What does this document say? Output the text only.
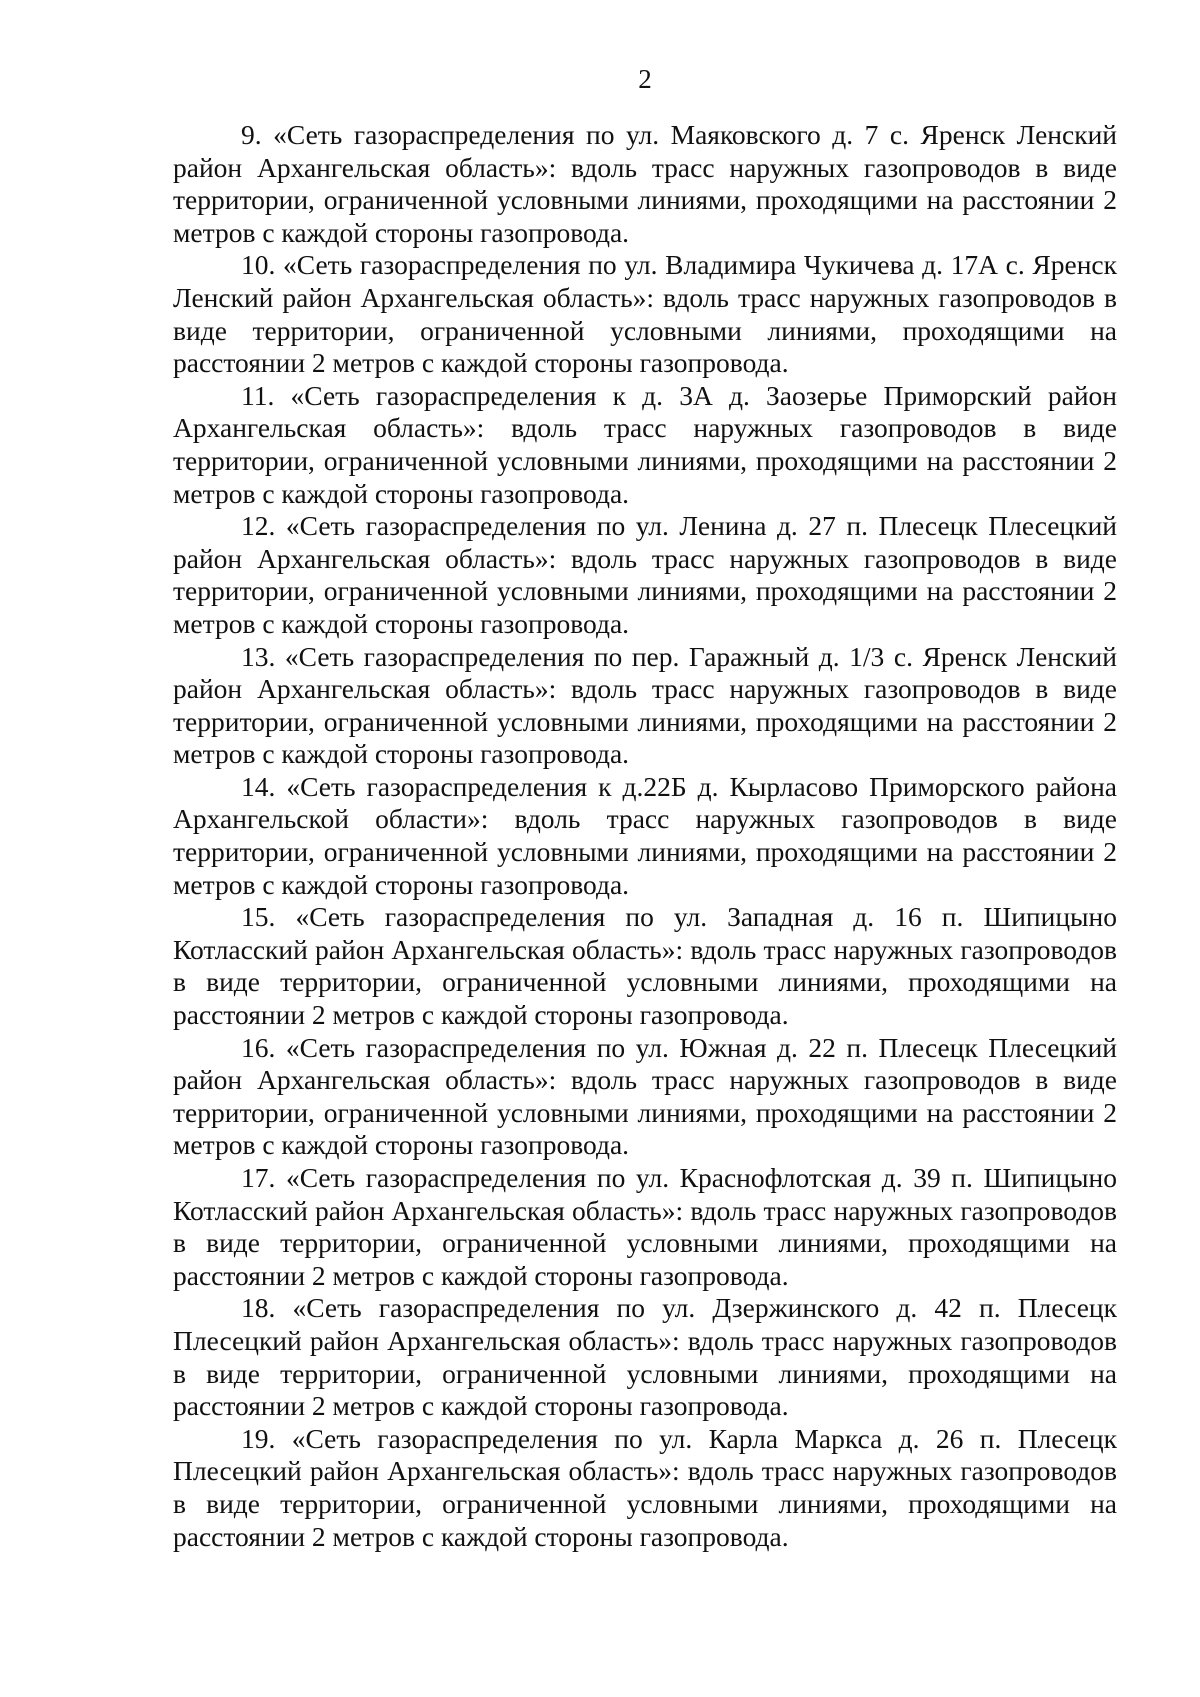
2

9. «Сеть газораспределения по ул. Маяковского д. 7 с. Яренск Ленский район Архангельская область»: вдоль трасс наружных газопроводов в виде территории, ограниченной условными линиями, проходящими на расстоянии 2 метров с каждой стороны газопровода.

10. «Сеть газораспределения по ул. Владимира Чукичева д. 17А с. Яренск Ленский район Архангельская область»: вдоль трасс наружных газопроводов в виде территории, ограниченной условными линиями, проходящими на расстоянии 2 метров с каждой стороны газопровода.

11. «Сеть газораспределения к д. 3А д. Заозерье Приморский район Архангельская область»: вдоль трасс наружных газопроводов в виде территории, ограниченной условными линиями, проходящими на расстоянии 2 метров с каждой стороны газопровода.

12. «Сеть газораспределения по ул. Ленина д. 27 п. Плесецк Плесецкий район Архангельская область»: вдоль трасс наружных газопроводов в виде территории, ограниченной условными линиями, проходящими на расстоянии 2 метров с каждой стороны газопровода.

13. «Сеть газораспределения по пер. Гаражный д. 1/3 с. Яренск Ленский район Архангельская область»: вдоль трасс наружных газопроводов в виде территории, ограниченной условными линиями, проходящими на расстоянии 2 метров с каждой стороны газопровода.

14. «Сеть газораспределения к д.22Б д. Кырласово Приморского района Архангельской области»: вдоль трасс наружных газопроводов в виде территории, ограниченной условными линиями, проходящими на расстоянии 2 метров с каждой стороны газопровода.

15. «Сеть газораспределения по ул. Западная д. 16 п. Шипицыно Котласский район Архангельская область»: вдоль трасс наружных газопроводов в виде территории, ограниченной условными линиями, проходящими на расстоянии 2 метров с каждой стороны газопровода.

16. «Сеть газораспределения по ул. Южная д. 22 п. Плесецк Плесецкий район Архангельская область»: вдоль трасс наружных газопроводов в виде территории, ограниченной условными линиями, проходящими на расстоянии 2 метров с каждой стороны газопровода.

17. «Сеть газораспределения по ул. Краснофлотская д. 39 п. Шипицыно Котласский район Архангельская область»: вдоль трасс наружных газопроводов в виде территории, ограниченной условными линиями, проходящими на расстоянии 2 метров с каждой стороны газопровода.

18. «Сеть газораспределения по ул. Дзержинского д. 42 п. Плесецк Плесецкий район Архангельская область»: вдоль трасс наружных газопроводов в виде территории, ограниченной условными линиями, проходящими на расстоянии 2 метров с каждой стороны газопровода.

19. «Сеть газораспределения по ул. Карла Маркса д. 26 п. Плесецк Плесецкий район Архангельская область»: вдоль трасс наружных газопроводов в виде территории, ограниченной условными линиями, проходящими на расстоянии 2 метров с каждой стороны газопровода.
